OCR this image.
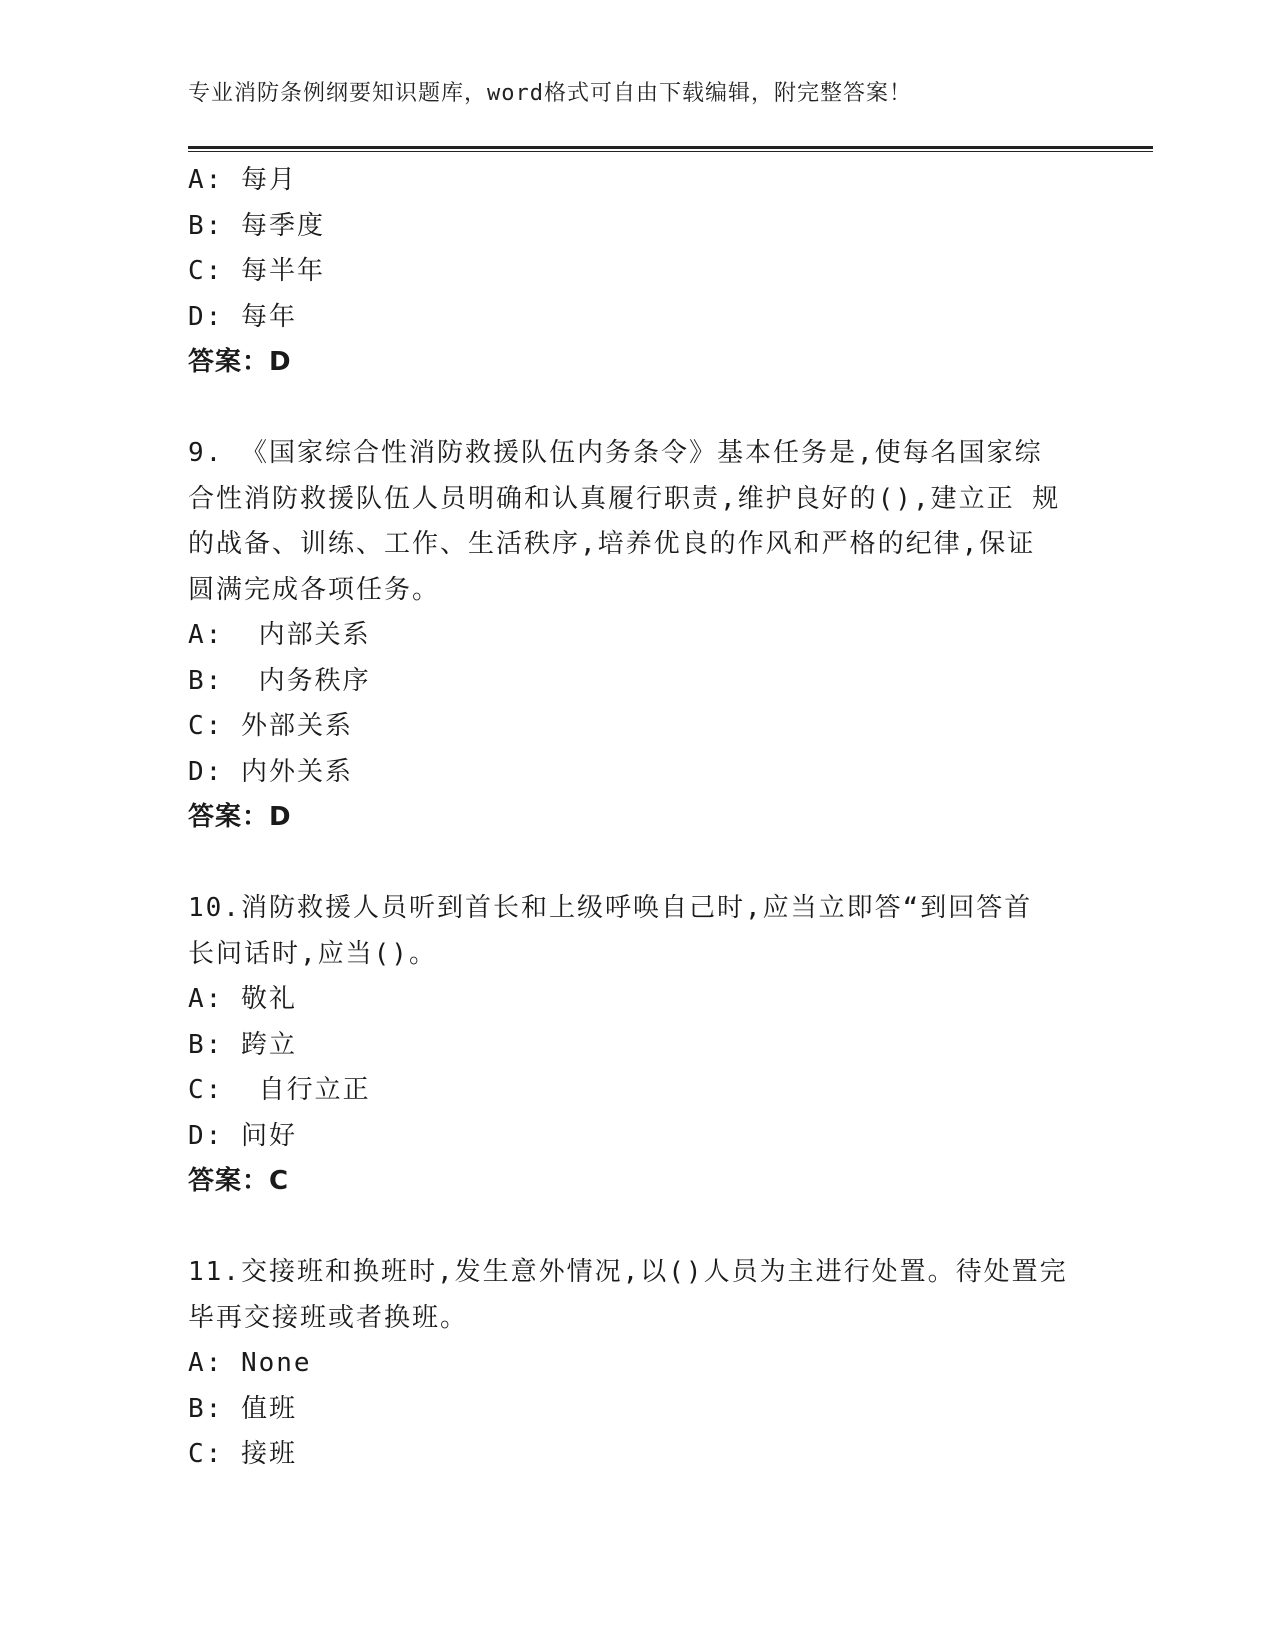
专业消防条例纲要知识题库，word格式可自由下载编辑，附完整答案！
A: 每月
B: 每季度
C: 每半年
D: 每年
答案：D
9. 《国家综合性消防救援队伍内务条令》基本任务是,使每名国家综
合性消防救援队伍人员明确和认真履行职责,维护良好的(),建立正 规
的战备、训练、工作、生活秩序,培养优良的作风和严格的纪律,保证
圆满完成各项任务。
A:  内部关系
B:  内务秩序
C: 外部关系
D: 内外关系
答案：D
10.消防救援人员听到首长和上级呼唤自己时,应当立即答“到回答首
长问话时,应当()。
A: 敬礼
B: 跨立
C:  自行立正
D: 问好
答案：C
11.交接班和换班时,发生意外情况,以()人员为主进行处置。待处置完
毕再交接班或者换班。
A: None
B: 值班
C: 接班
